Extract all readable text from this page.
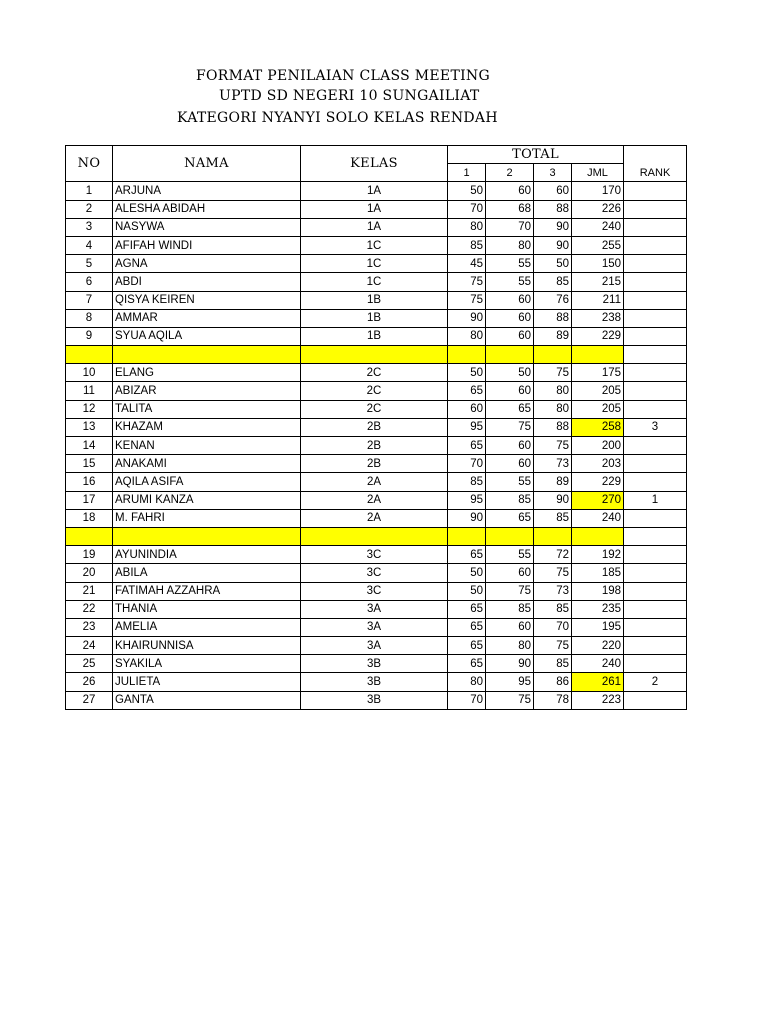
FORMAT PENILAIAN CLASS MEETING
UPTD SD NEGERI 10 SUNGAILIAT
KATEGORI NYANYI SOLO KELAS RENDAH
NO	NAMA	KELAS	TOTAL				RANK
			1	2	3	JML	
1	ARJUNA	1A	50	60	60	170	
2	ALESHA ABIDAH	1A	70	68	88	226	
3	NASYWA	1A	80	70	90	240	
4	AFIFAH WINDI	1C	85	80	90	255	
5	AGNA	1C	45	55	50	150	
6	ABDI	1C	75	55	85	215	
7	QISYA KEIREN	1B	75	60	76	211	
8	AMMAR	1B	90	60	88	238	
9	SYUA AQILA	1B	80	60	89	229	

10	ELANG	2C	50	50	75	175	
11	ABIZAR	2C	65	60	80	205	
12	TALITA	2C	60	65	80	205	
13	KHAZAM	2B	95	75	88	258	3
14	KENAN	2B	65	60	75	200	
15	ANAKAMI	2B	70	60	73	203	
16	AQILA ASIFA	2A	85	55	89	229	
17	ARUMI KANZA	2A	95	85	90	270	1
18	M. FAHRI	2A	90	65	85	240	

19	AYUNINDIA	3C	65	55	72	192	
20	ABILA	3C	50	60	75	185	
21	FATIMAH AZZAHRA	3C	50	75	73	198	
22	THANIA	3A	65	85	85	235	
23	AMELIA	3A	65	60	70	195	
24	KHAIRUNNISA	3A	65	80	75	220	
25	SYAKILA	3B	65	90	85	240	
26	JULIETA	3B	80	95	86	261	2
27	GANTA	3B	70	75	78	223	
